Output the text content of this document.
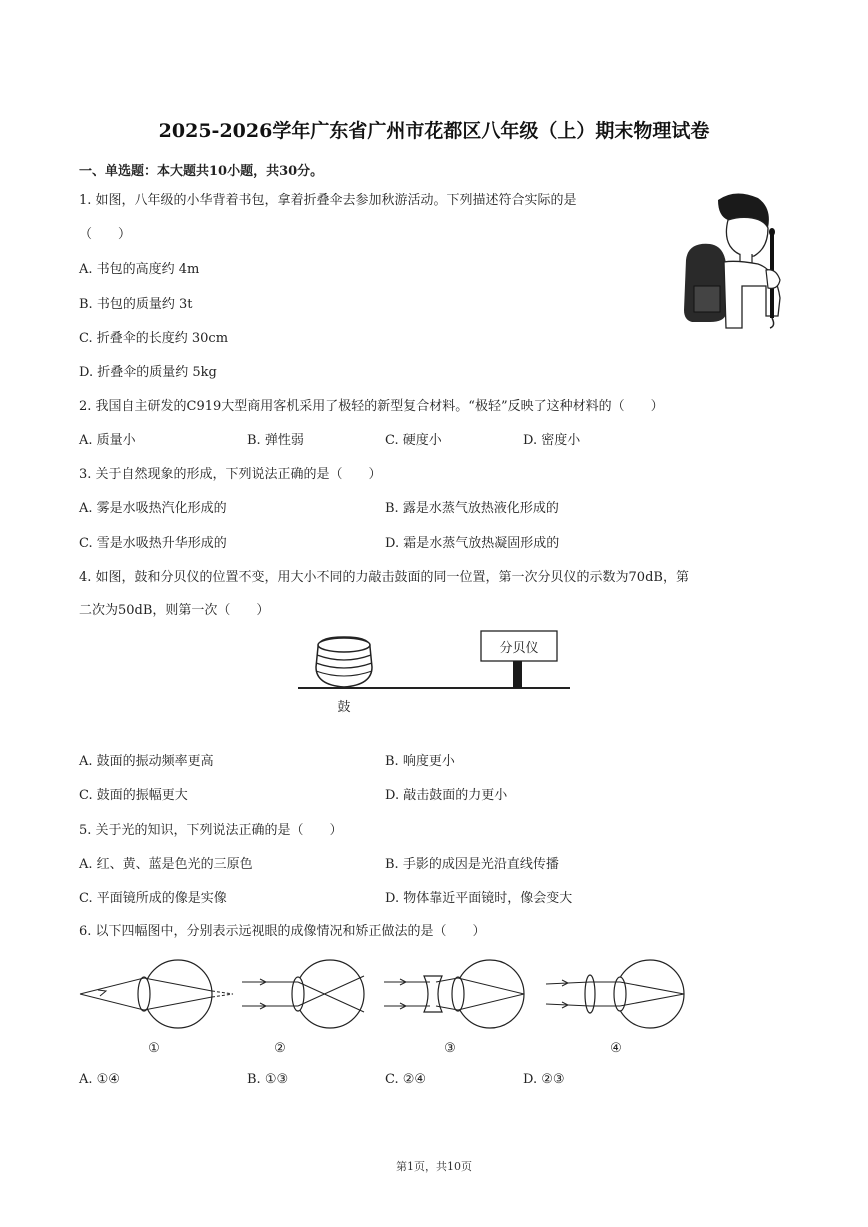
2025-2026学年广东省广州市花都区八年级（上）期末物理试卷
一、单选题：本大题共10小题，共30分。
1. 如图，八年级的小华背着书包，拿着折叠伞去参加秋游活动。下列描述符合实际的是
（　　）
A. 书包的高度约 4m
B. 书包的质量约 3t
C. 折叠伞的长度约 30cm
D. 折叠伞的质量约 5kg
2. 我国自主研发的C919大型商用客机采用了极轻的新型复合材料。“极轻”反映了这种材料的（　　）
A. 质量小	B. 弹性弱	C. 硬度小	D. 密度小
3. 关于自然现象的形成，下列说法正确的是（　　）
A. 雾是水吸热汽化形成的	B. 露是水蒸气放热液化形成的
C. 雪是水吸热升华形成的	D. 霜是水蒸气放热凝固形成的
4. 如图，鼓和分贝仪的位置不变，用大小不同的力敲击鼓面的同一位置，第一次分贝仪的示数为70dB，第
二次为50dB，则第一次（　　）
分贝仪
鼓
A. 鼓面的振动频率更高	B. 响度更小
C. 鼓面的振幅更大	D. 敲击鼓面的力更小
5. 关于光的知识，下列说法正确的是（　　）
A. 红、黄、蓝是色光的三原色	B. 手影的成因是光沿直线传播
C. 平面镜所成的像是实像	D. 物体靠近平面镜时，像会变大
6. 以下四幅图中，分别表示远视眼的成像情况和矫正做法的是（　　）
①	②	③	④
A. ①④	B. ①③	C. ②④	D. ②③
第1页，共10页
